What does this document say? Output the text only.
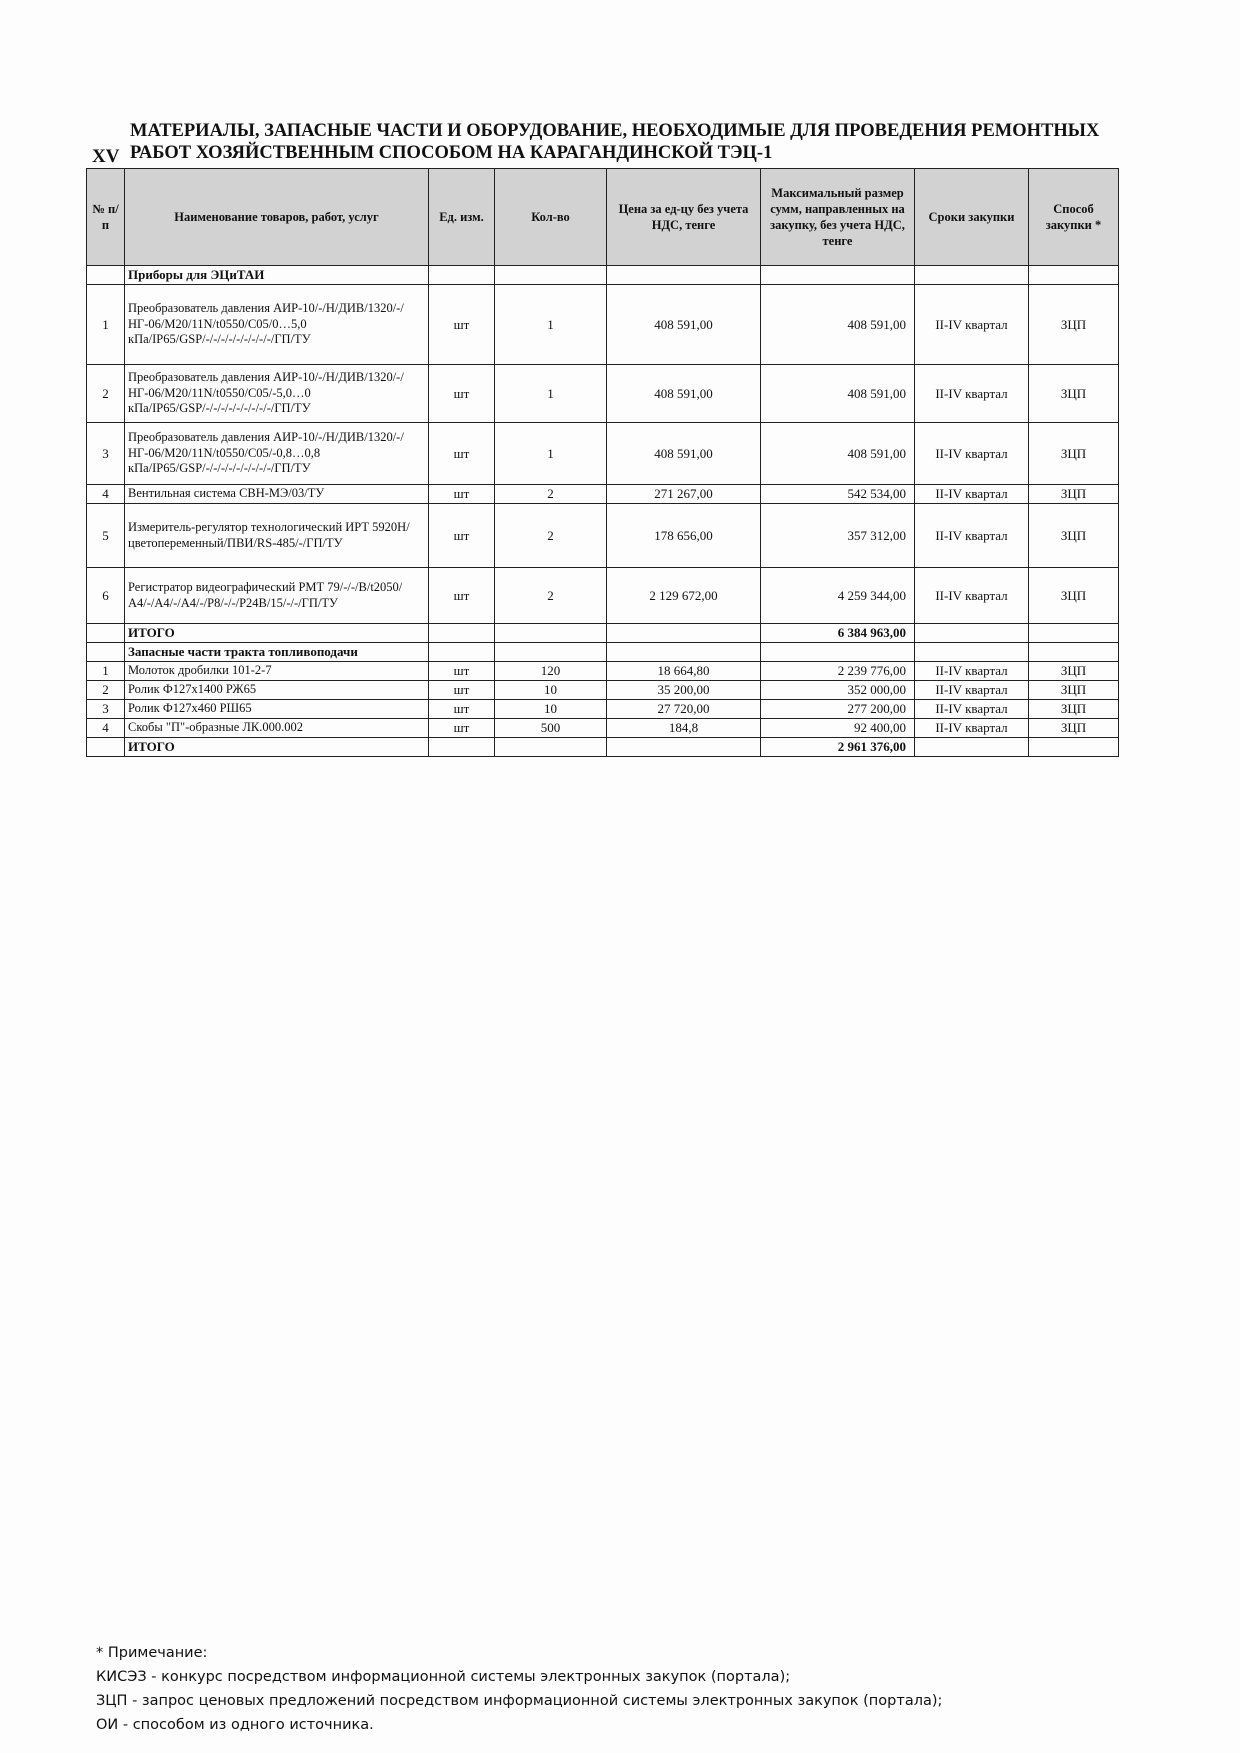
XV
МАТЕРИАЛЫ, ЗАПАСНЫЕ ЧАСТИ И ОБОРУДОВАНИЕ, НЕОБХОДИМЫЕ ДЛЯ ПРОВЕДЕНИЯ РЕМОНТНЫХ РАБОТ ХОЗЯЙСТВЕННЫМ СПОСОБОМ НА КАРАГАНДИНСКОЙ ТЭЦ-1
№ п/п	Наименование товаров, работ, услуг	Ед. изм.	Кол-во	Цена за ед-цу без учета НДС, тенге	Максимальный размер сумм, направленных на закупку, без учета НДС, тенге	Сроки закупки	Способ закупки *
	Приборы для ЭЦиТАИ						
1	Преобразователь давления АИР-10/-/Н/ДИВ/1320/-/НГ-06/М20/11N/t0550/С05/0…5,0 кПа/IP65/GSP/-/-/-/-/-/-/-/-/-/ГП/ТУ	шт	1	408 591,00	408 591,00	II-IV квартал	ЗЦП
2	Преобразователь давления АИР-10/-/Н/ДИВ/1320/-/НГ-06/М20/11N/t0550/С05/-5,0…0 кПа/IP65/GSP/-/-/-/-/-/-/-/-/-/ГП/ТУ	шт	1	408 591,00	408 591,00	II-IV квартал	ЗЦП
3	Преобразователь давления АИР-10/-/Н/ДИВ/1320/-/НГ-06/М20/11N/t0550/С05/-0,8…0,8 кПа/IP65/GSP/-/-/-/-/-/-/-/-/-/ГП/ТУ	шт	1	408 591,00	408 591,00	II-IV квартал	ЗЦП
4	Вентильная система СВН-МЭ/03/ТУ	шт	2	271 267,00	542 534,00	II-IV квартал	ЗЦП
5	Измеритель-регулятор технологический ИРТ 5920Н/цветопеременный/ПВИ/RS-485/-/ГП/ТУ	шт	2	178 656,00	357 312,00	II-IV квартал	ЗЦП
6	Регистратор видеографический РМТ 79/-/-/В/t2050/А4/-/А4/-/А4/-/Р8/-/-/Р24В/15/-/-/ГП/ТУ	шт	2	2 129 672,00	4 259 344,00	II-IV квартал	ЗЦП
	ИТОГО				6 384 963,00		
	Запасные части тракта топливоподачи						
1	Молоток дробилки 101-2-7	шт	120	18 664,80	2 239 776,00	II-IV квартал	ЗЦП
2	Ролик Ф127х1400 РЖ65	шт	10	35 200,00	352 000,00	II-IV квартал	ЗЦП
3	Ролик Ф127х460 РШ65	шт	10	27 720,00	277 200,00	II-IV квартал	ЗЦП
4	Скобы "П"-образные ЛК.000.002	шт	500	184,8	92 400,00	II-IV квартал	ЗЦП
	ИТОГО				2 961 376,00		
* Примечание:
КИСЭЗ - конкурс посредством информационной системы электронных закупок (портала);
ЗЦП - запрос ценовых предложений посредством информационной системы электронных закупок (портала);
ОИ - способом из одного источника.
